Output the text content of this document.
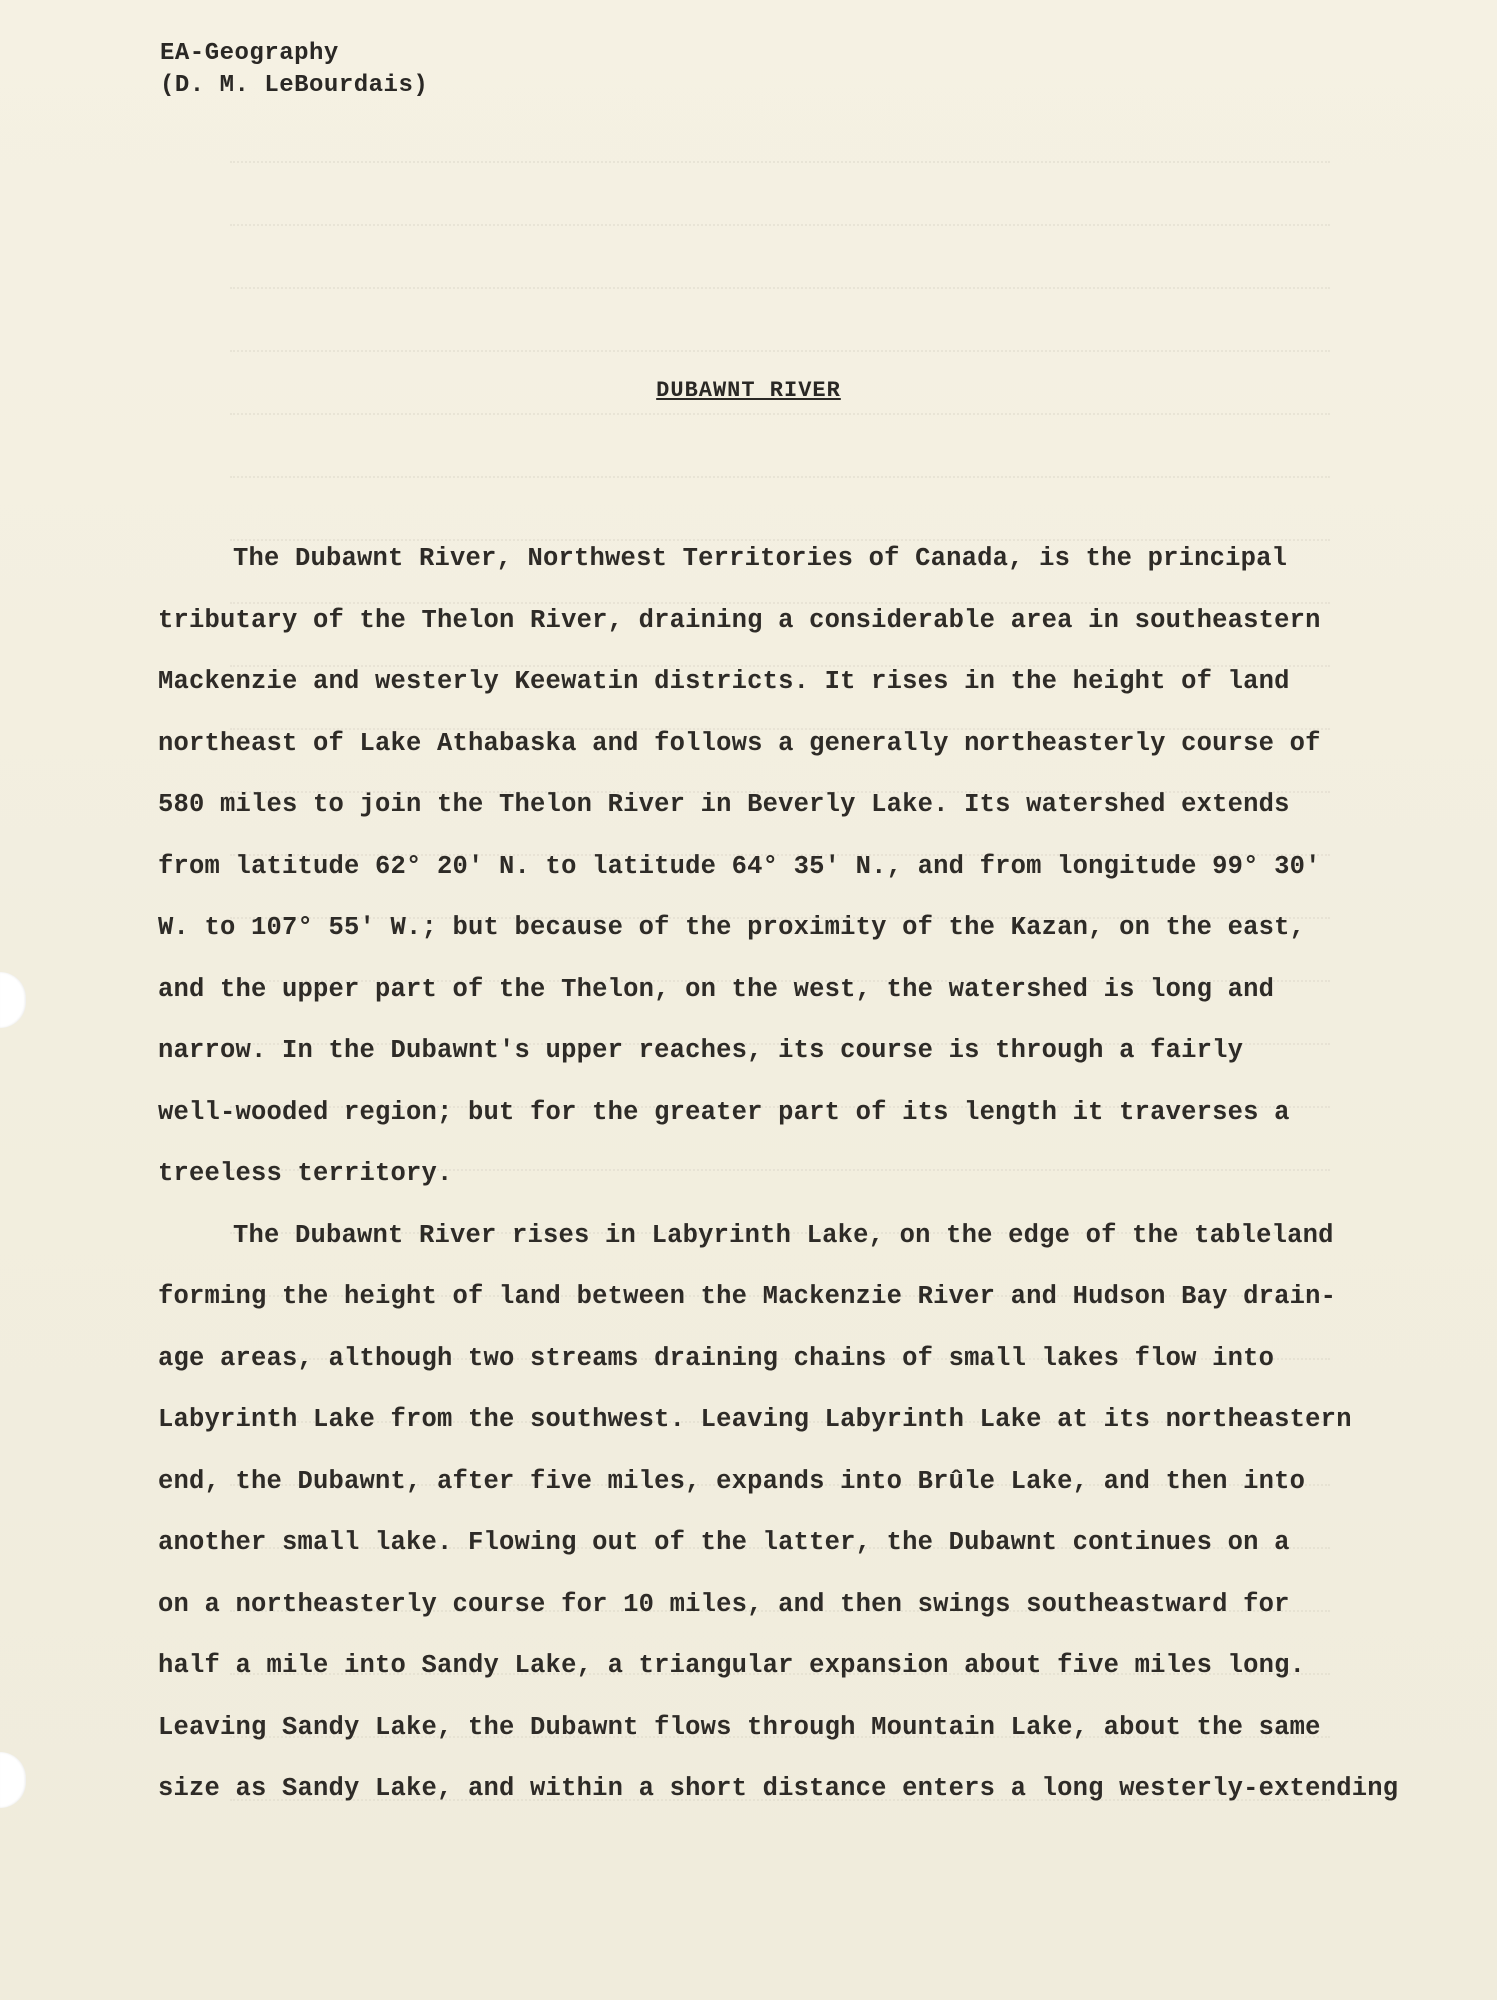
EA-Geography
(D. M. LeBourdais)
DUBAWNT RIVER
The Dubawnt River, Northwest Territories of Canada, is the principal
tributary of the Thelon River, draining a considerable area in southeastern
Mackenzie and westerly Keewatin districts. It rises in the height of land
northeast of Lake Athabaska and follows a generally northeasterly course of
580 miles to join the Thelon River in Beverly Lake. Its watershed extends
from latitude 62° 20' N. to latitude 64° 35' N., and from longitude 99° 30'
W. to 107° 55' W.; but because of the proximity of the Kazan, on the east,
and the upper part of the Thelon, on the west, the watershed is long and
narrow. In the Dubawnt's upper reaches, its course is through a fairly
well-wooded region; but for the greater part of its length it traverses a
treeless territory.
The Dubawnt River rises in Labyrinth Lake, on the edge of the tableland
forming the height of land between the Mackenzie River and Hudson Bay drain-
age areas, although two streams draining chains of small lakes flow into
Labyrinth Lake from the southwest. Leaving Labyrinth Lake at its northeastern
end, the Dubawnt, after five miles, expands into Brûle Lake, and then into
another small lake. Flowing out of the latter, the Dubawnt continues on a
on a northeasterly course for 10 miles, and then swings southeastward for
half a mile into Sandy Lake, a triangular expansion about five miles long.
Leaving Sandy Lake, the Dubawnt flows through Mountain Lake, about the same
size as Sandy Lake, and within a short distance enters a long westerly-extending
